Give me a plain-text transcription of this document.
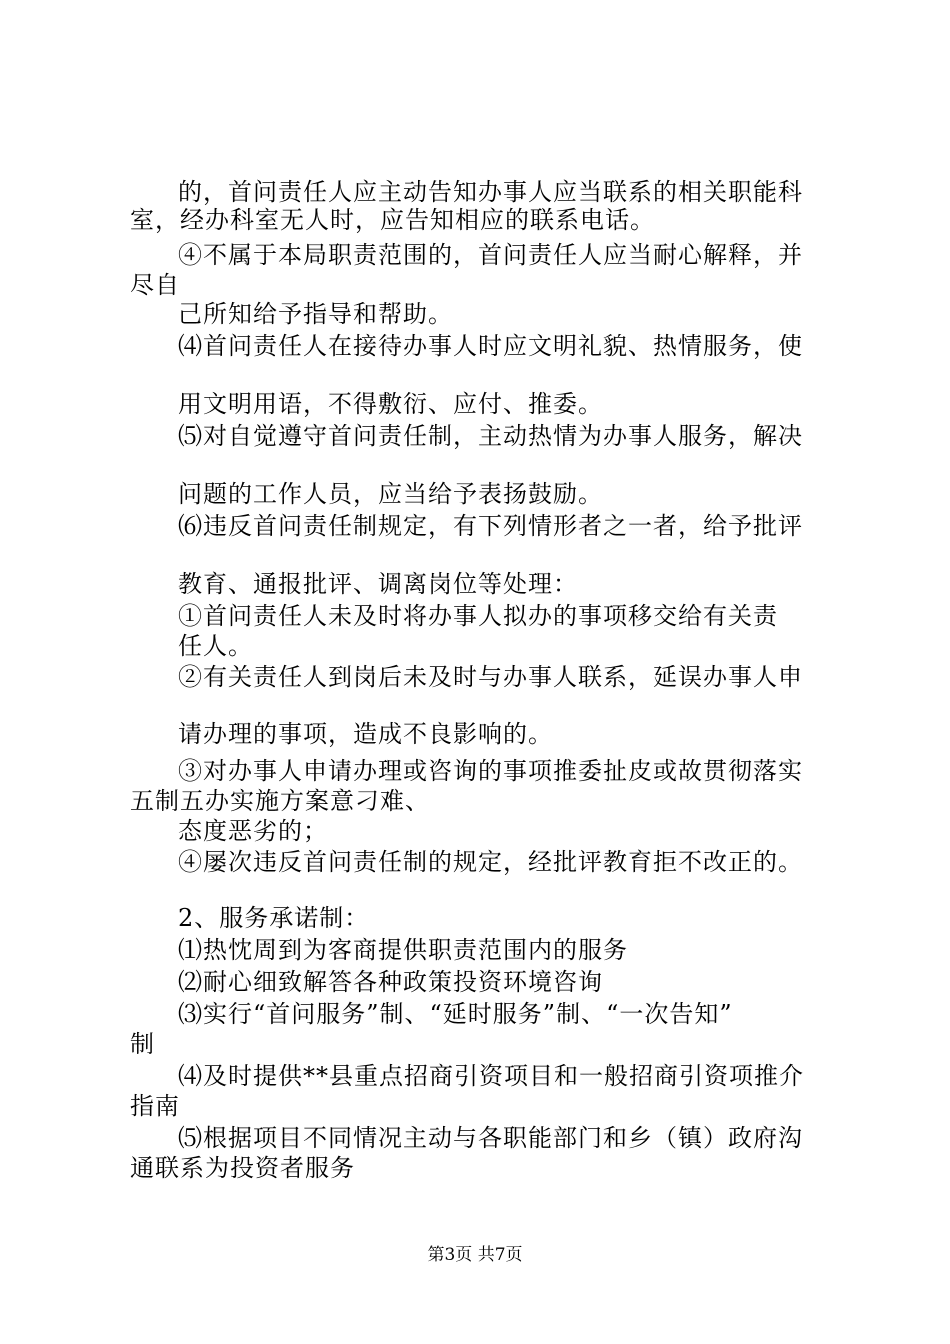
的，首问责任人应主动告知办事人应当联系的相关职能科
室，经办科室无人时，应告知相应的联系电话。
④不属于本局职责范围的，首问责任人应当耐心解释，并
尽自
己所知给予指导和帮助。
⑷首问责任人在接待办事人时应文明礼貌、热情服务，使
用文明用语，不得敷衍、应付、推委。
⑸对自觉遵守首问责任制，主动热情为办事人服务，解决
问题的工作人员，应当给予表扬鼓励。
⑹违反首问责任制规定，有下列情形者之一者，给予批评
教育、通报批评、调离岗位等处理：
①首问责任人未及时将办事人拟办的事项移交给有关责
任人。
②有关责任人到岗后未及时与办事人联系，延误办事人申
请办理的事项，造成不良影响的。
③对办事人申请办理或咨询的事项推委扯皮或故贯彻落实
五制五办实施方案意刁难、
态度恶劣的；
④屡次违反首问责任制的规定，经批评教育拒不改正的。
2、服务承诺制：
⑴热忱周到为客商提供职责范围内的服务
⑵耐心细致解答各种政策投资环境咨询
⑶实行“首问服务”制、“延时服务”制、“一次告知”
制
⑷及时提供**县重点招商引资项目和一般招商引资项推介
指南
⑸根据项目不同情况主动与各职能部门和乡（镇）政府沟
通联系为投资者服务
第3页 共7页
